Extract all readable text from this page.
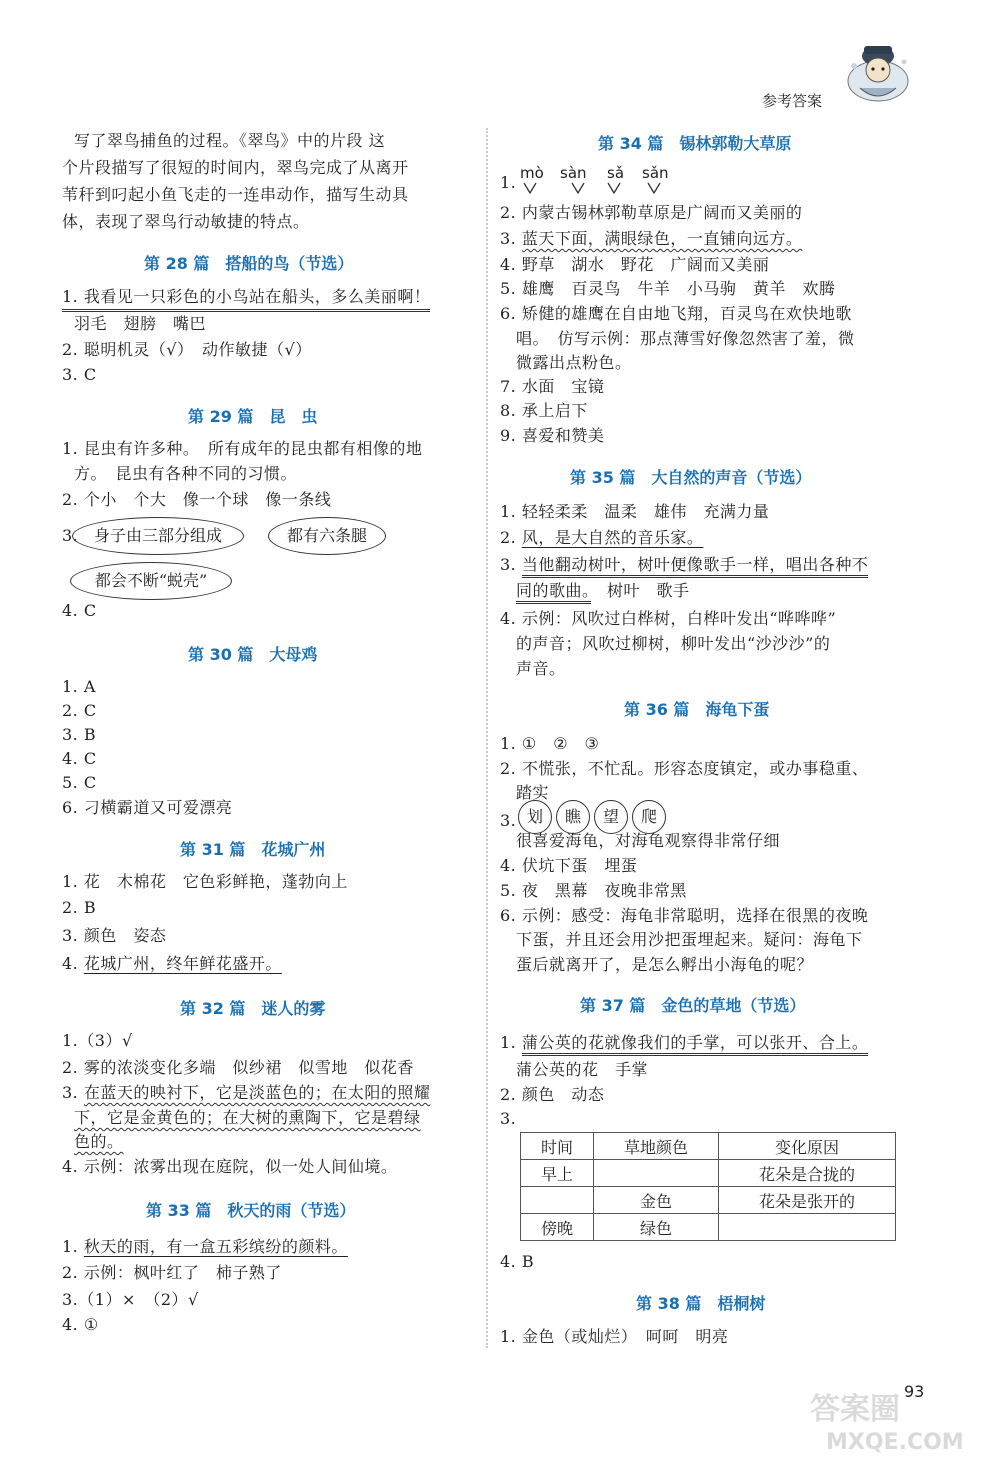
参考答案
写了翠鸟捕鱼的过程。《翠鸟》中的片段 这
个片段描写了很短的时间内，翠鸟完成了从离开
苇秆到叼起小鱼飞走的一连串动作，描写生动具
体，表现了翠鸟行动敏捷的特点。
第 28 篇　搭船的鸟（节选）
1. 我看见一只彩色的小鸟站在船头，多么美丽啊！
羽毛　翅膀　嘴巴
2. 聪明机灵（√）　动作敏捷（√）
3. C
第 29 篇　昆　虫
1. 昆虫有许多种。　所有成年的昆虫都有相像的地
方。　昆虫有各种不同的习惯。
2. 个小　个大　像一个球　像一条线
3. 身子由三部分组成	都有六条腿
都会不断“蜕壳”
4. C
第 30 篇　大母鸡
1. A
2. C
3. B
4. C
5. C
6. 刁横霸道又可爱漂亮
第 31 篇　花城广州
1. 花　木棉花　它色彩鲜艳，蓬勃向上
2. B
3. 颜色　姿态
4. 花城广州，终年鲜花盛开。
第 32 篇　迷人的雾
1.（3）√
2. 雾的浓淡变化多端　似纱裙　似雪地　似花香
3. 在蓝天的映衬下，它是淡蓝色的；在太阳的照耀
下，它是金黄色的；在大树的熏陶下，它是碧绿
色的。
4. 示例：浓雾出现在庭院，似一处人间仙境。
第 33 篇　秋天的雨（节选）
1. 秋天的雨，有一盒五彩缤纷的颜料。
2. 示例：枫叶红了　柿子熟了
3.（1）×　（2）√
4. ①
第 34 篇　锡林郭勒大草原
1. mò sàn sǎ sǎn
2. 内蒙古锡林郭勒草原是广阔而又美丽的
3. 蓝天下面，满眼绿色，一直铺向远方。
4. 野草　湖水　野花　广阔而又美丽
5. 雄鹰　百灵鸟　牛羊　小马驹　黄羊　欢腾
6. 矫健的雄鹰在自由地飞翔，百灵鸟在欢快地歌
唱。　仿写示例：那点薄雪好像忽然害了羞，微
微露出点粉色。
7. 水面　宝镜
8. 承上启下
9. 喜爱和赞美
第 35 篇　大自然的声音（节选）
1. 轻轻柔柔　温柔　雄伟　充满力量
2. 风，是大自然的音乐家。
3. 当他翻动树叶，树叶便像歌手一样，唱出各种不
同的歌曲。　树叶　歌手
4. 示例：风吹过白桦树，白桦叶发出“哗哗哗”
的声音；风吹过柳树，柳叶发出“沙沙沙”的
声音。
第 36 篇　海龟下蛋
1. ①　②　③
2. 不慌张，不忙乱。形容态度镇定，或办事稳重、
踏实
3. 划 瞧 望 爬
很喜爱海龟，对海龟观察得非常仔细
4. 伏坑下蛋　埋蛋
5. 夜　黑幕　夜晚非常黑
6. 示例：感受：海龟非常聪明，选择在很黑的夜晚
下蛋，并且还会用沙把蛋埋起来。疑问：海龟下
蛋后就离开了，是怎么孵出小海龟的呢？
第 37 篇　金色的草地（节选）
1. 蒲公英的花就像我们的手掌，可以张开、合上。
蒲公英的花　手掌
2. 颜色　动态
3.
时间	草地颜色	变化原因
早上		花朵是合拢的
	金色	花朵是张开的
傍晚	绿色	
4. B
第 38 篇　梧桐树
1. 金色（或灿烂）　呵呵　明亮
93
答案圈
MXQE.COM
